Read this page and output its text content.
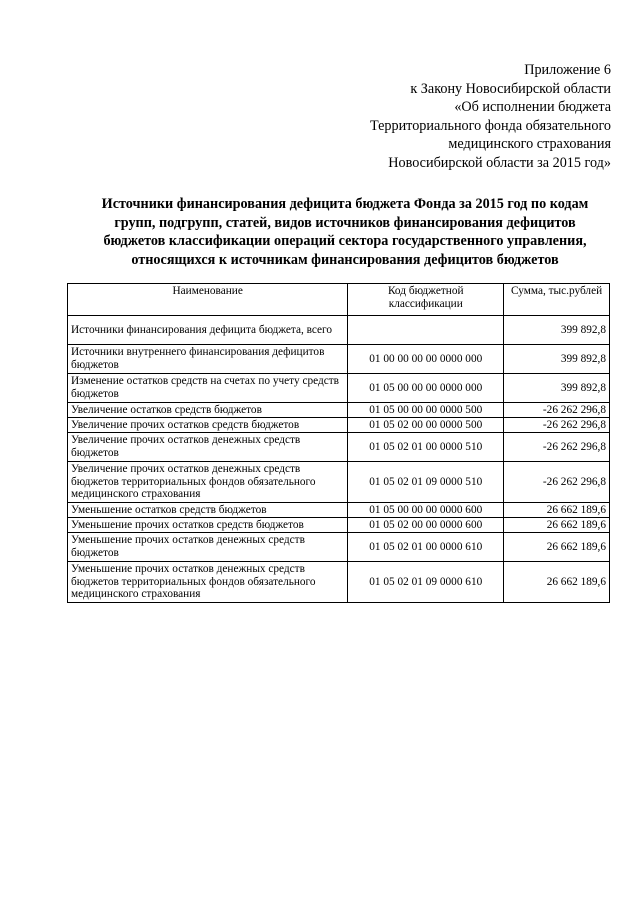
Приложение 6
к Закону Новосибирской области
«Об исполнении бюджета
Территориального фонда обязательного
медицинского страхования
Новосибирской области за 2015 год»
Источники финансирования дефицита бюджета Фонда за 2015 год по кодам
групп, подгрупп, статей, видов источников финансирования дефицитов
бюджетов классификации операций сектора государственного управления,
относящихся к источникам финансирования дефицитов бюджетов
Наименование	Код бюджетной классификации	Сумма, тыс.рублей
Источники финансирования дефицита бюджета, всего		399 892,8
Источники внутреннего финансирования дефицитов бюджетов	01 00 00 00 00 0000 000	399 892,8
Изменение остатков средств на счетах по учету средств бюджетов	01 05 00 00 00 0000 000	399 892,8
Увеличение остатков средств бюджетов	01 05 00 00 00 0000 500	-26 262 296,8
Увеличение прочих остатков средств бюджетов	01 05 02 00 00 0000 500	-26 262 296,8
Увеличение прочих остатков денежных средств бюджетов	01 05 02 01 00 0000 510	-26 262 296,8
Увеличение прочих остатков денежных средств бюджетов территориальных фондов обязательного медицинского страхования	01 05 02 01 09 0000 510	-26 262 296,8
Уменьшение остатков средств бюджетов	01 05 00 00 00 0000 600	26 662 189,6
Уменьшение прочих остатков средств бюджетов	01 05 02 00 00 0000 600	26 662 189,6
Уменьшение прочих остатков денежных средств бюджетов	01 05 02 01 00 0000 610	26 662 189,6
Уменьшение прочих остатков денежных средств бюджетов территориальных фондов обязательного медицинского страхования	01 05 02 01 09 0000 610	26 662 189,6
